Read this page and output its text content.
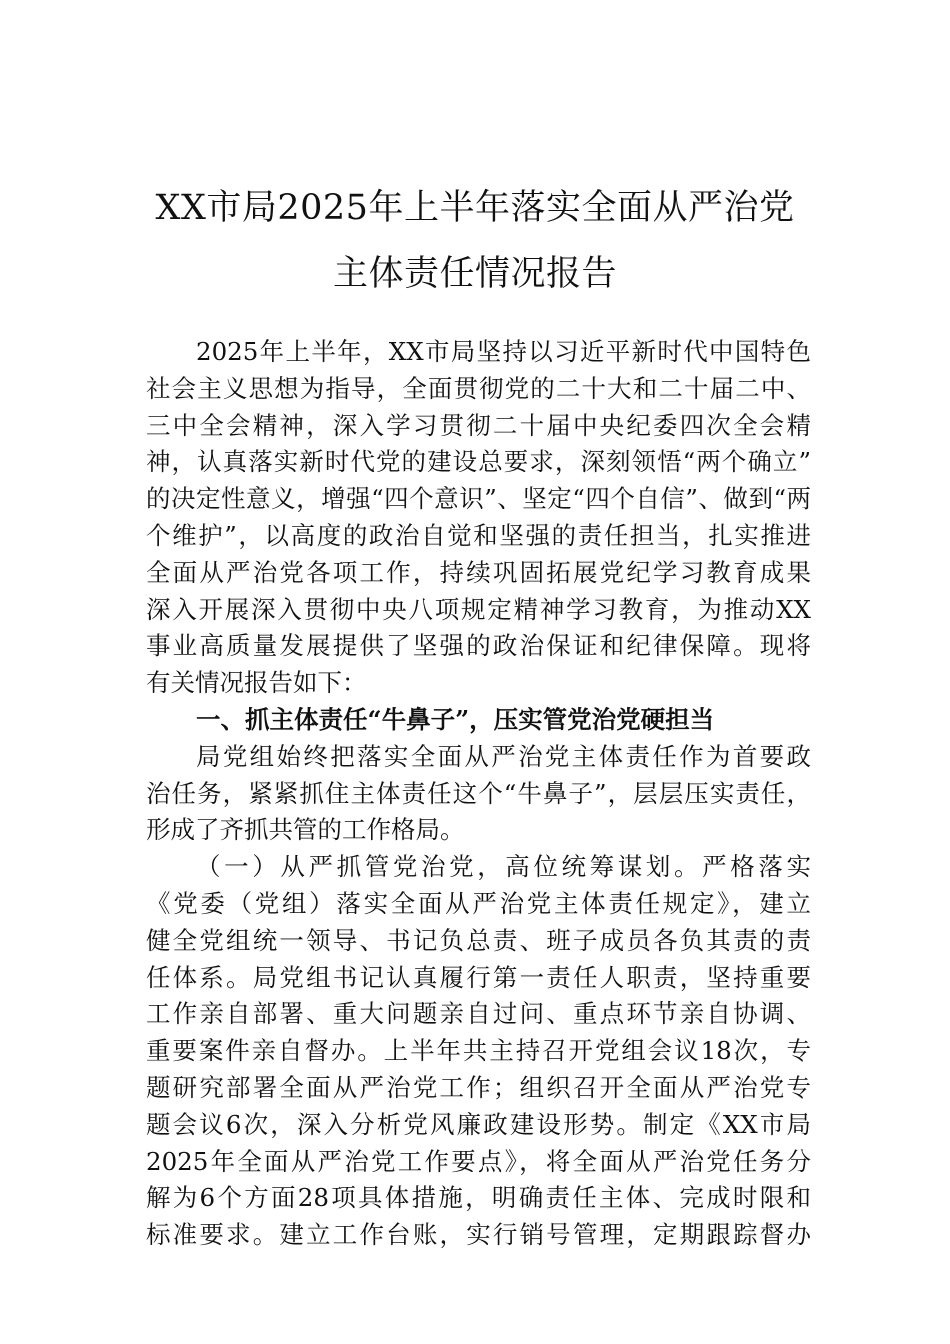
XX市局2025年上半年落实全面从严治党
主体责任情况报告
2025年上半年，XX市局坚持以习近平新时代中国特色
社会主义思想为指导，全面贯彻党的二十大和二十届二中、
三中全会精神，深入学习贯彻二十届中央纪委四次全会精
神，认真落实新时代党的建设总要求，深刻领悟“两个确立”
的决定性意义，增强“四个意识”、坚定“四个自信”、做到“两
个维护”，以高度的政治自觉和坚强的责任担当，扎实推进
全面从严治党各项工作，持续巩固拓展党纪学习教育成果
深入开展深入贯彻中央八项规定精神学习教育，为推动XX
事业高质量发展提供了坚强的政治保证和纪律保障。现将
有关情况报告如下：
一、抓主体责任“牛鼻子”，压实管党治党硬担当
局党组始终把落实全面从严治党主体责任作为首要政
治任务，紧紧抓住主体责任这个“牛鼻子”，层层压实责任，
形成了齐抓共管的工作格局。
（一）从严抓管党治党，高位统筹谋划。严格落实
《党委（党组）落实全面从严治党主体责任规定》，建立
健全党组统一领导、书记负总责、班子成员各负其责的责
任体系。局党组书记认真履行第一责任人职责，坚持重要
工作亲自部署、重大问题亲自过问、重点环节亲自协调、
重要案件亲自督办。上半年共主持召开党组会议18次，专
题研究部署全面从严治党工作；组织召开全面从严治党专
题会议6次，深入分析党风廉政建设形势。制定《XX市局
2025年全面从严治党工作要点》，将全面从严治党任务分
解为6个方面28项具体措施，明确责任主体、完成时限和
标准要求。建立工作台账，实行销号管理，定期跟踪督办
